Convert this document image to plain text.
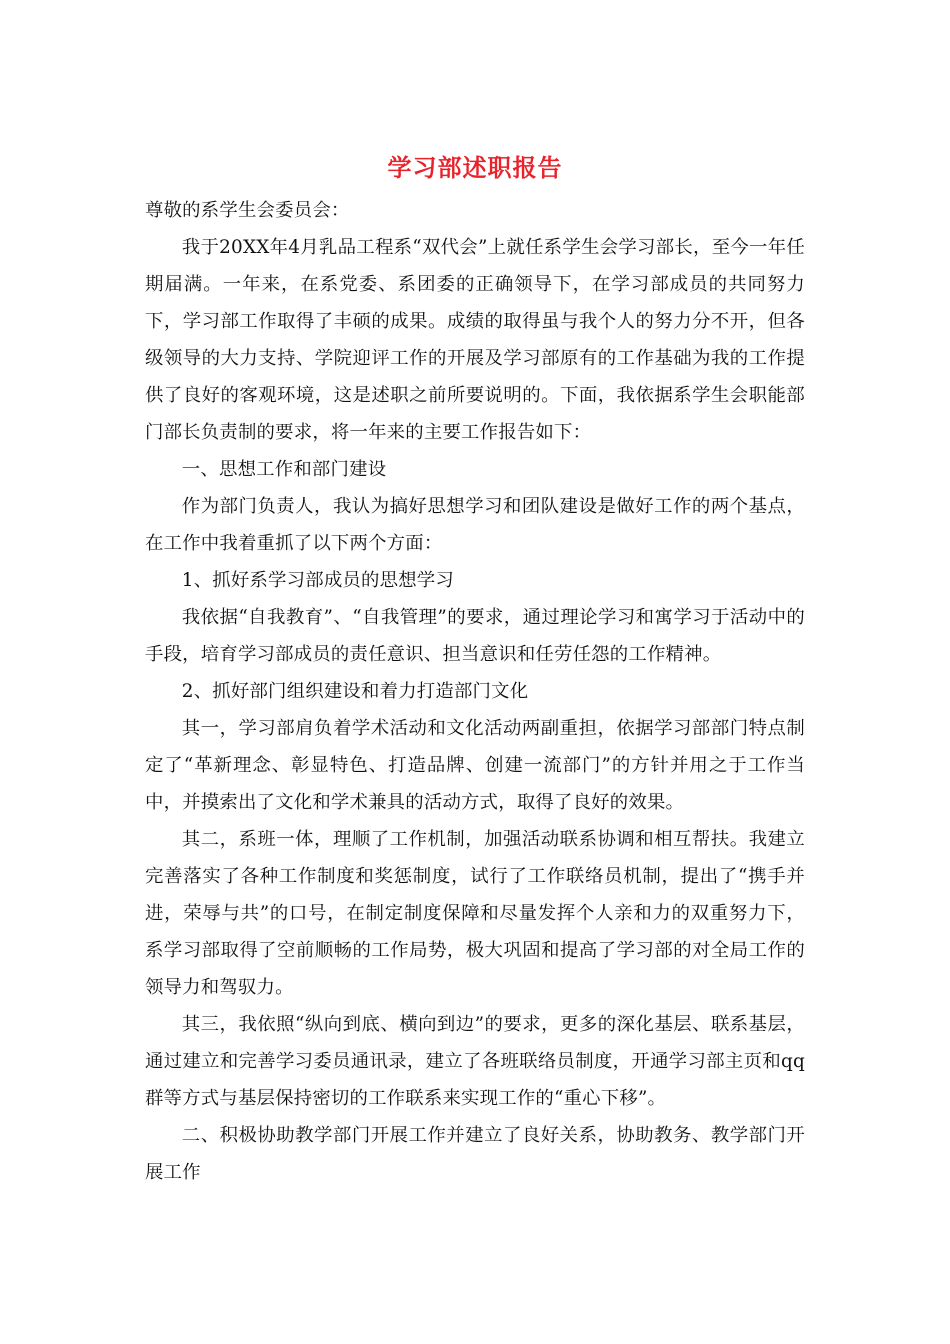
学习部述职报告

尊敬的系学生会委员会：

我于20XX年4月乳品工程系“双代会”上就任系学生会学习部长，至今一年任期届满。一年来，在系党委、系团委的正确领导下，在学习部成员的共同努力下，学习部工作取得了丰硕的成果。成绩的取得虽与我个人的努力分不开，但各级领导的大力支持、学院迎评工作的开展及学习部原有的工作基础为我的工作提供了良好的客观环境，这是述职之前所要说明的。下面，我依据系学生会职能部门部长负责制的要求，将一年来的主要工作报告如下：

一、思想工作和部门建设

作为部门负责人，我认为搞好思想学习和团队建设是做好工作的两个基点，在工作中我着重抓了以下两个方面：

1、抓好系学习部成员的思想学习

我依据“自我教育”、“自我管理”的要求，通过理论学习和寓学习于活动中的手段，培育学习部成员的责任意识、担当意识和任劳任怨的工作精神。

2、抓好部门组织建设和着力打造部门文化

其一，学习部肩负着学术活动和文化活动两副重担，依据学习部部门特点制定了“革新理念、彰显特色、打造品牌、创建一流部门”的方针并用之于工作当中，并摸索出了文化和学术兼具的活动方式，取得了良好的效果。

其二，系班一体，理顺了工作机制，加强活动联系协调和相互帮扶。我建立完善落实了各种工作制度和奖惩制度，试行了工作联络员机制，提出了“携手并进，荣辱与共”的口号，在制定制度保障和尽量发挥个人亲和力的双重努力下，系学习部取得了空前顺畅的工作局势，极大巩固和提高了学习部的对全局工作的领导力和驾驭力。

其三，我依照“纵向到底、横向到边”的要求，更多的深化基层、联系基层，通过建立和完善学习委员通讯录，建立了各班联络员制度，开通学习部主页和qq群等方式与基层保持密切的工作联系来实现工作的“重心下移”。

二、积极协助教学部门开展工作并建立了良好关系，协助教务、教学部门开展工作
